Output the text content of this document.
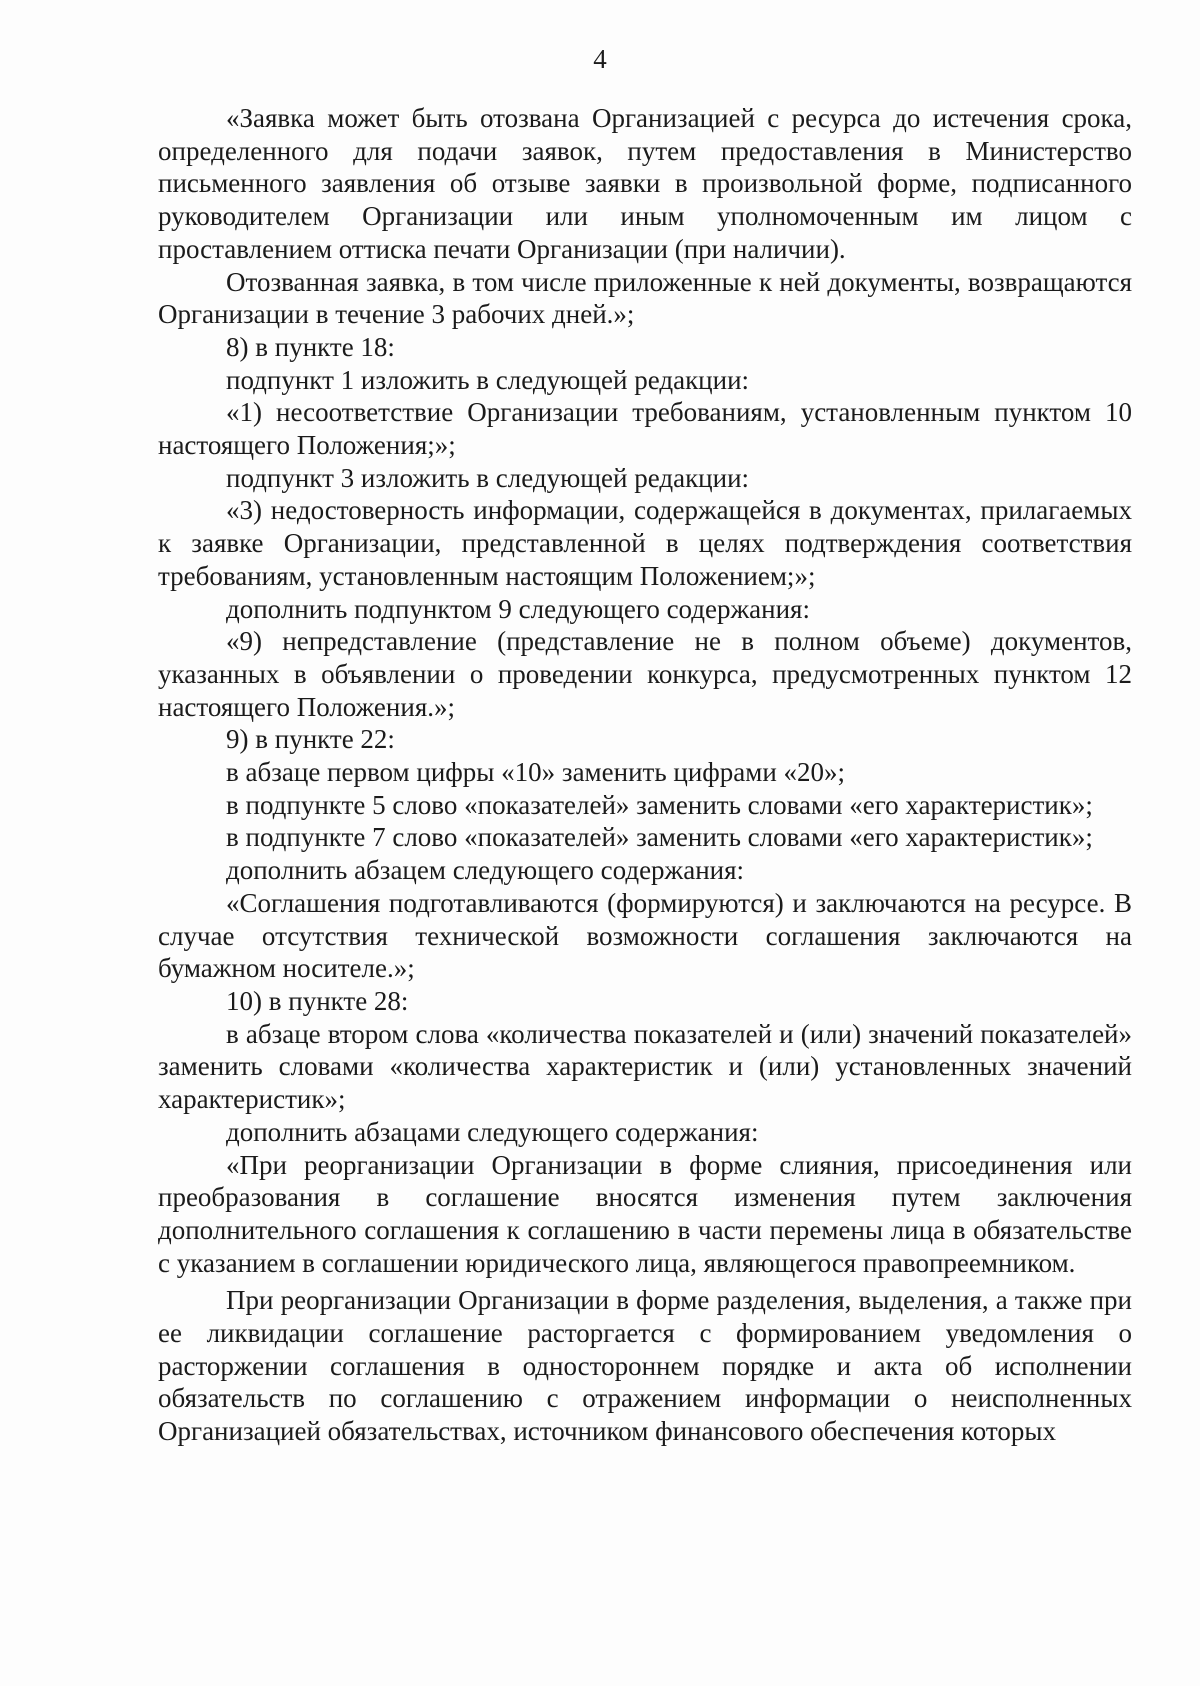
4

«Заявка может быть отозвана Организацией с ресурса до истечения срока, определенного для подачи заявок, путем предоставления в Министерство письменного заявления об отзыве заявки в произвольной форме, подписанного руководителем Организации или иным уполномоченным им лицом с проставлением оттиска печати Организации (при наличии).

Отозванная заявка, в том числе приложенные к ней документы, возвращаются Организации в течение 3 рабочих дней.»;

8) в пункте 18:

подпункт 1 изложить в следующей редакции:

«1) несоответствие Организации требованиям, установленным пунктом 10 настоящего Положения;»;

подпункт 3 изложить в следующей редакции:

«3) недостоверность информации, содержащейся в документах, прилагаемых к заявке Организации, представленной в целях подтверждения соответствия требованиям, установленным настоящим Положением;»;

дополнить подпунктом 9 следующего содержания:

«9) непредставление (представление не в полном объеме) документов, указанных в объявлении о проведении конкурса, предусмотренных пунктом 12 настоящего Положения.»;

9) в пункте 22:

в абзаце первом цифры «10» заменить цифрами «20»;

в подпункте 5 слово «показателей» заменить словами «его характеристик»;

в подпункте 7 слово «показателей» заменить словами «его характеристик»;

дополнить абзацем следующего содержания:

«Соглашения подготавливаются (формируются) и заключаются на ресурсе. В случае отсутствия технической возможности соглашения заключаются на бумажном носителе.»;

10) в пункте 28:

в абзаце втором слова «количества показателей и (или) значений показателей» заменить словами «количества характеристик и (или) установленных значений характеристик»;

дополнить абзацами следующего содержания:

«При реорганизации Организации в форме слияния, присоединения или преобразования в соглашение вносятся изменения путем заключения дополнительного соглашения к соглашению в части перемены лица в обязательстве с указанием в соглашении юридического лица, являющегося правопреемником.

При реорганизации Организации в форме разделения, выделения, а также при ее ликвидации соглашение расторгается с формированием уведомления о расторжении соглашения в одностороннем порядке и акта об исполнении обязательств по соглашению с отражением информации о неисполненных Организацией обязательствах, источником финансового обеспечения которых
